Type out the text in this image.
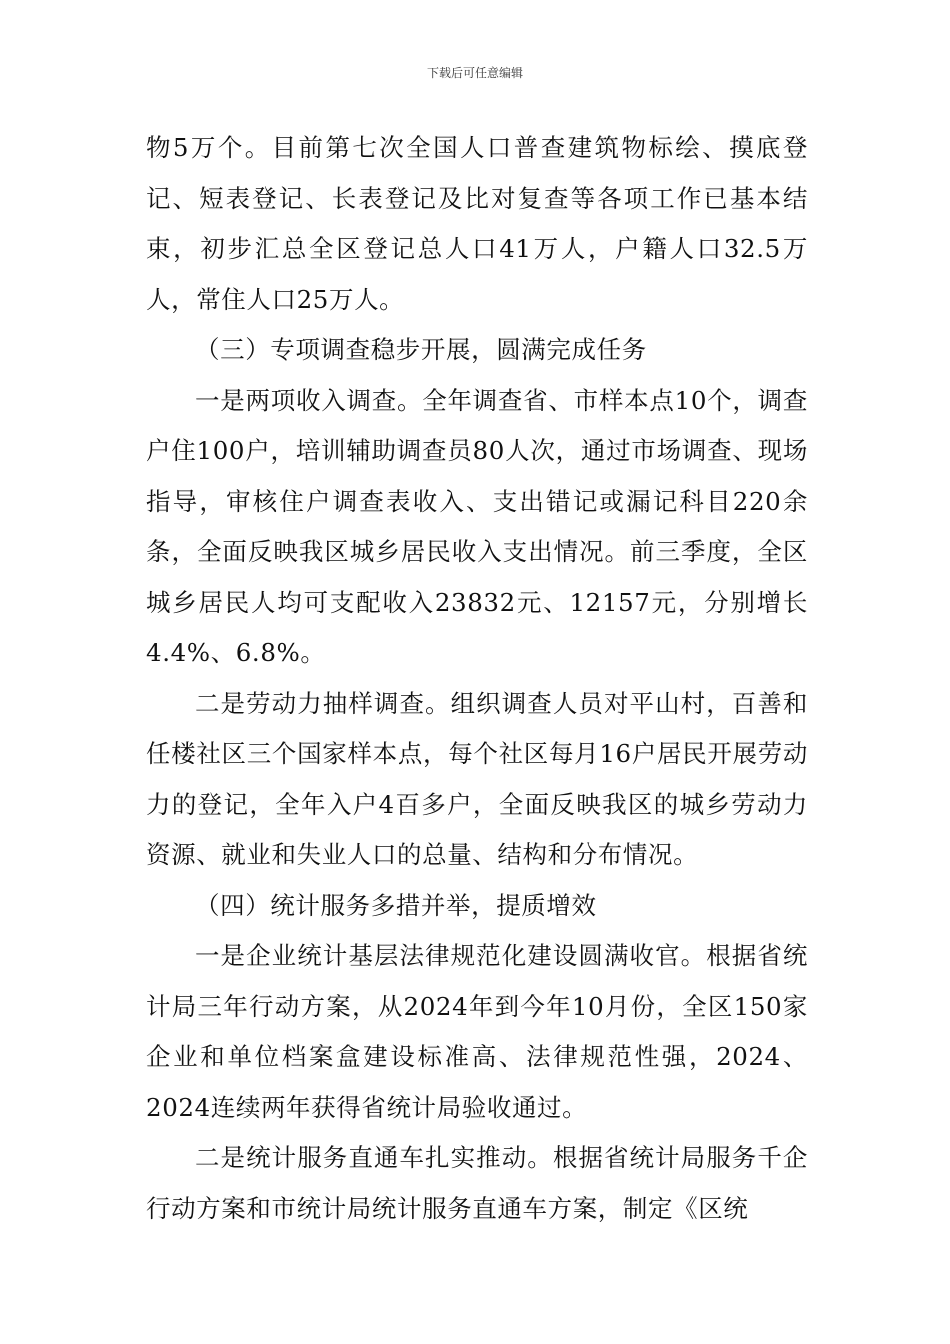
下载后可任意编辑

物5万个。目前第七次全国人口普查建筑物标绘、摸底登记、短表登记、长表登记及比对复查等各项工作已基本结束，初步汇总全区登记总人口41万人，户籍人口32.5万人，常住人口25万人。

（三）专项调查稳步开展，圆满完成任务

一是两项收入调查。全年调查省、市样本点10个，调查户住100户，培训辅助调查员80人次，通过市场调查、现场指导，审核住户调查表收入、支出错记或漏记科目220余条，全面反映我区城乡居民收入支出情况。前三季度，全区城乡居民人均可支配收入23832元、12157元，分别增长4.4%、6.8%。

二是劳动力抽样调查。组织调查人员对平山村，百善和任楼社区三个国家样本点，每个社区每月16户居民开展劳动力的登记，全年入户4百多户，全面反映我区的城乡劳动力资源、就业和失业人口的总量、结构和分布情况。

（四）统计服务多措并举，提质增效

一是企业统计基层法律规范化建设圆满收官。根据省统计局三年行动方案，从2024年到今年10月份，全区150家企业和单位档案盒建设标准高、法律规范性强，2024、2024连续两年获得省统计局验收通过。

二是统计服务直通车扎实推动。根据省统计局服务千企行动方案和市统计局统计服务直通车方案，制定《区统
